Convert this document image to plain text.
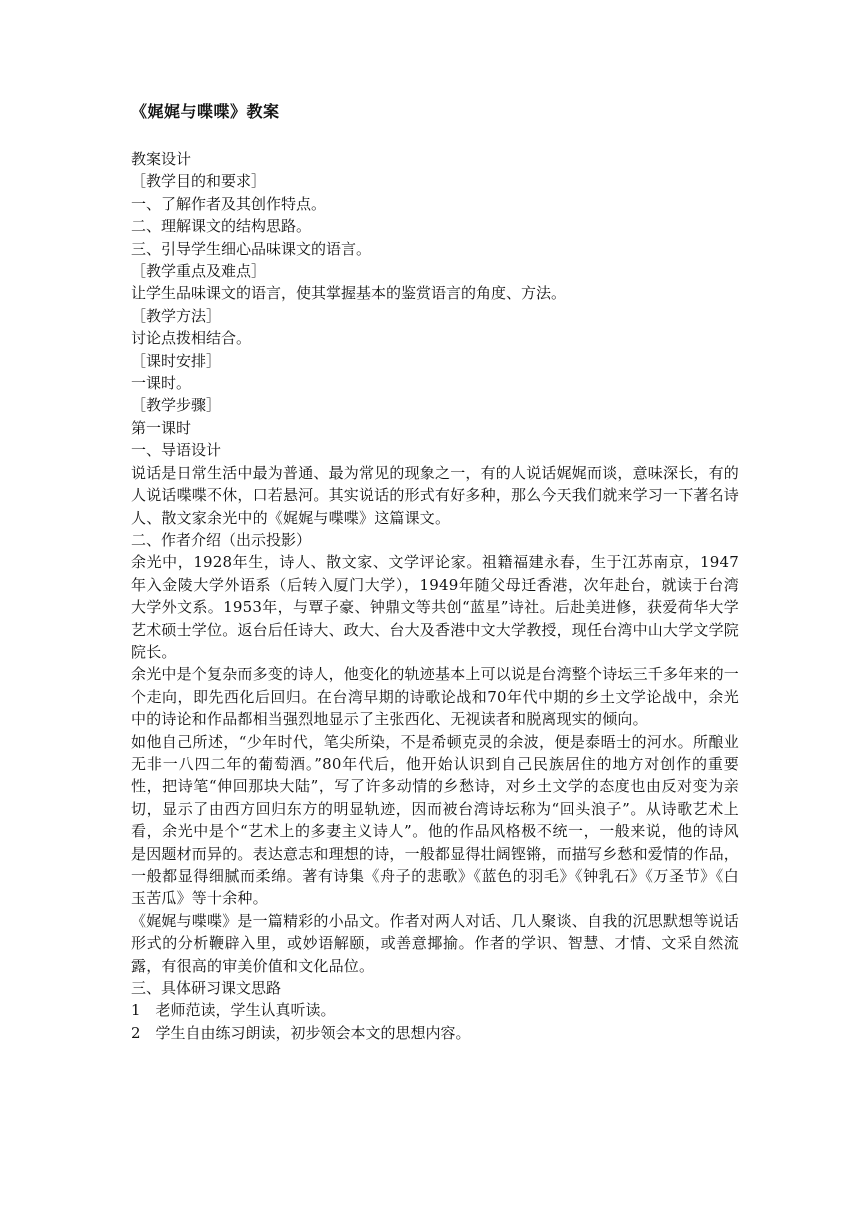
《娓娓与喋喋》教案
教案设计
［教学目的和要求］
一、了解作者及其创作特点。
二、理解课文的结构思路。
三、引导学生细心品味课文的语言。
［教学重点及难点］
让学生品味课文的语言，使其掌握基本的鉴赏语言的角度、方法。
［教学方法］
讨论点拨相结合。
［课时安排］
一课时。
［教学步骤］
第一课时
一、导语设计
说话是日常生活中最为普通、最为常见的现象之一，有的人说话娓娓而谈，意味深长，有的人说话喋喋不休，口若悬河。其实说话的形式有好多种，那么今天我们就来学习一下著名诗人、散文家余光中的《娓娓与喋喋》这篇课文。
二、作者介绍（出示投影）
余光中，1928年生，诗人、散文家、文学评论家。祖籍福建永春，生于江苏南京，1947年入金陵大学外语系（后转入厦门大学），1949年随父母迁香港，次年赴台，就读于台湾大学外文系。1953年，与覃子豪、钟鼎文等共创“蓝星”诗社。后赴美进修，获爱荷华大学艺术硕士学位。返台后任诗大、政大、台大及香港中文大学教授，现任台湾中山大学文学院院长。
余光中是个复杂而多变的诗人，他变化的轨迹基本上可以说是台湾整个诗坛三千多年来的一个走向，即先西化后回归。在台湾早期的诗歌论战和70年代中期的乡土文学论战中，余光中的诗论和作品都相当强烈地显示了主张西化、无视读者和脱离现实的倾向。
如他自己所述，“少年时代，笔尖所染，不是希顿克灵的余波，便是泰晤士的河水。所酿业无非一八四二年的葡萄酒。”80年代后，他开始认识到自己民族居住的地方对创作的重要性，把诗笔“伸回那块大陆”，写了许多动情的乡愁诗，对乡土文学的态度也由反对变为亲切，显示了由西方回归东方的明显轨迹，因而被台湾诗坛称为“回头浪子”。从诗歌艺术上看，余光中是个“艺术上的多妻主义诗人”。他的作品风格极不统一，一般来说，他的诗风是因题材而异的。表达意志和理想的诗，一般都显得壮阔铿锵，而描写乡愁和爱情的作品，一般都显得细腻而柔绵。著有诗集《舟子的悲歌》《蓝色的羽毛》《钟乳石》《万圣节》《白玉苦瓜》等十余种。
《娓娓与喋喋》是一篇精彩的小品文。作者对两人对话、几人聚谈、自我的沉思默想等说话形式的分析鞭辟入里，或妙语解颐，或善意揶揄。作者的学识、智慧、才情、文采自然流露，有很高的审美价值和文化品位。
三、具体研习课文思路
1　老师范读，学生认真听读。
2　学生自由练习朗读，初步领会本文的思想内容。
